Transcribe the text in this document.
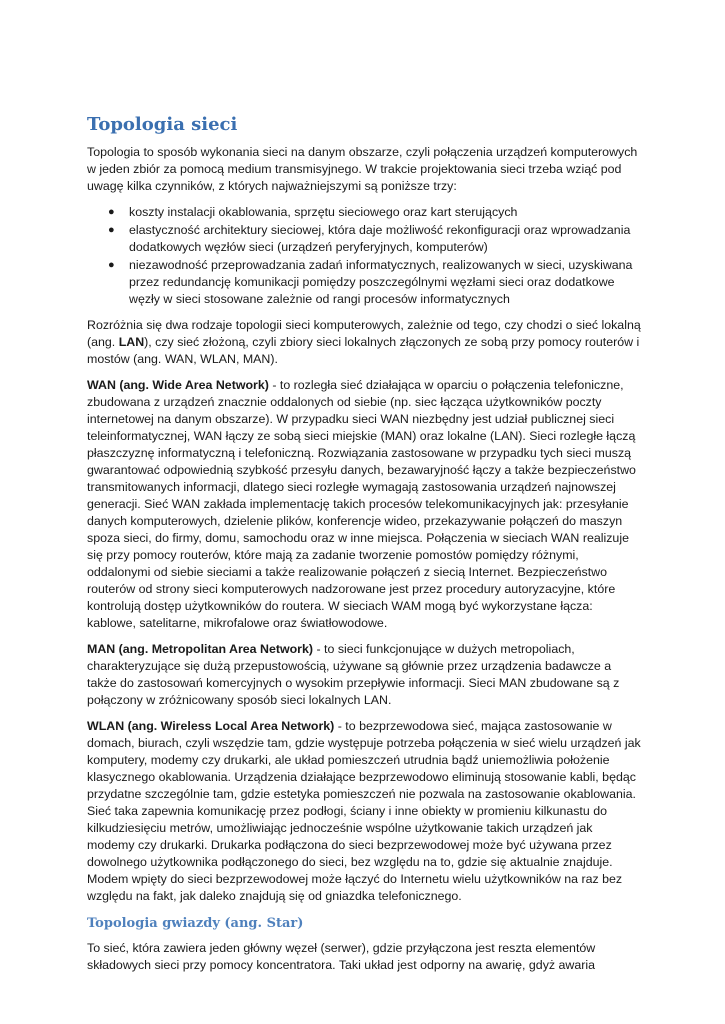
Topologia sieci

Topologia to sposób wykonania sieci na danym obszarze, czyli połączenia urządzeń komputerowych w jeden zbiór za pomocą medium transmisyjnego. W trakcie projektowania sieci trzeba wziąć pod uwagę kilka czynników, z których najważniejszymi są poniższe trzy:

● koszty instalacji okablowania, sprzętu sieciowego oraz kart sterujących
● elastyczność architektury sieciowej, która daje możliwość rekonfiguracji oraz wprowadzania dodatkowych węzłów sieci (urządzeń peryferyjnych, komputerów)
● niezawodność przeprowadzania zadań informatycznych, realizowanych w sieci, uzyskiwana przez redundancję komunikacji pomiędzy poszczególnymi węzłami sieci oraz dodatkowe węzły w sieci stosowane zależnie od rangi procesów informatycznych

Rozróżnia się dwa rodzaje topologii sieci komputerowych, zależnie od tego, czy chodzi o sieć lokalną (ang. LAN), czy sieć złożoną, czyli zbiory sieci lokalnych złączonych ze sobą przy pomocy routerów i mostów (ang. WAN, WLAN, MAN).

WAN (ang. Wide Area Network) - to rozległa sieć działająca w oparciu o połączenia telefoniczne, zbudowana z urządzeń znacznie oddalonych od siebie (np. siec łącząca użytkowników poczty internetowej na danym obszarze). W przypadku sieci WAN niezbędny jest udział publicznej sieci teleinformatycznej, WAN łączy ze sobą sieci miejskie (MAN) oraz lokalne (LAN). Sieci rozległe łączą płaszczyznę informatyczną i telefoniczną. Rozwiązania zastosowane w przypadku tych sieci muszą gwarantować odpowiednią szybkość przesyłu danych, bezawaryjność łączy a także bezpieczeństwo transmitowanych informacji, dlatego sieci rozległe wymagają zastosowania urządzeń najnowszej generacji. Sieć WAN zakłada implementację takich procesów telekomunikacyjnych jak: przesyłanie danych komputerowych, dzielenie plików, konferencje wideo, przekazywanie połączeń do maszyn spoza sieci, do firmy, domu, samochodu oraz w inne miejsca. Połączenia w sieciach WAN realizuje się przy pomocy routerów, które mają za zadanie tworzenie pomostów pomiędzy różnymi, oddalonymi od siebie sieciami a także realizowanie połączeń z siecią Internet. Bezpieczeństwo routerów od strony sieci komputerowych nadzorowane jest przez procedury autoryzacyjne, które kontrolują dostęp użytkowników do routera. W sieciach WAM mogą być wykorzystane łącza: kablowe, satelitarne, mikrofalowe oraz światłowodowe.

MAN (ang. Metropolitan Area Network) - to sieci funkcjonujące w dużych metropoliach, charakteryzujące się dużą przepustowością, używane są głównie przez urządzenia badawcze a także do zastosowań komercyjnych o wysokim przepływie informacji. Sieci MAN zbudowane są z połączony w zróżnicowany sposób sieci lokalnych LAN.

WLAN (ang. Wireless Local Area Network) - to bezprzewodowa sieć, mająca zastosowanie w domach, biurach, czyli wszędzie tam, gdzie występuje potrzeba połączenia w sieć wielu urządzeń jak komputery, modemy czy drukarki, ale układ pomieszczeń utrudnia bądź uniemożliwia położenie klasycznego okablowania. Urządzenia działające bezprzewodowo eliminują stosowanie kabli, będąc przydatne szczególnie tam, gdzie estetyka pomieszczeń nie pozwala na zastosowanie okablowania. Sieć taka zapewnia komunikację przez podłogi, ściany i inne obiekty w promieniu kilkunastu do kilkudziesięciu metrów, umożliwiając jednocześnie wspólne użytkowanie takich urządzeń jak modemy czy drukarki. Drukarka podłączona do sieci bezprzewodowej może być używana przez dowolnego użytkownika podłączonego do sieci, bez względu na to, gdzie się aktualnie znajduje. Modem wpięty do sieci bezprzewodowej może łączyć do Internetu wielu użytkowników na raz bez względu na fakt, jak daleko znajdują się od gniazdka telefonicznego.

Topologia gwiazdy (ang. Star)

To sieć, która zawiera jeden główny węzeł (serwer), gdzie przyłączona jest reszta elementów składowych sieci przy pomocy koncentratora. Taki układ jest odporny na awarię, gdyż awaria
